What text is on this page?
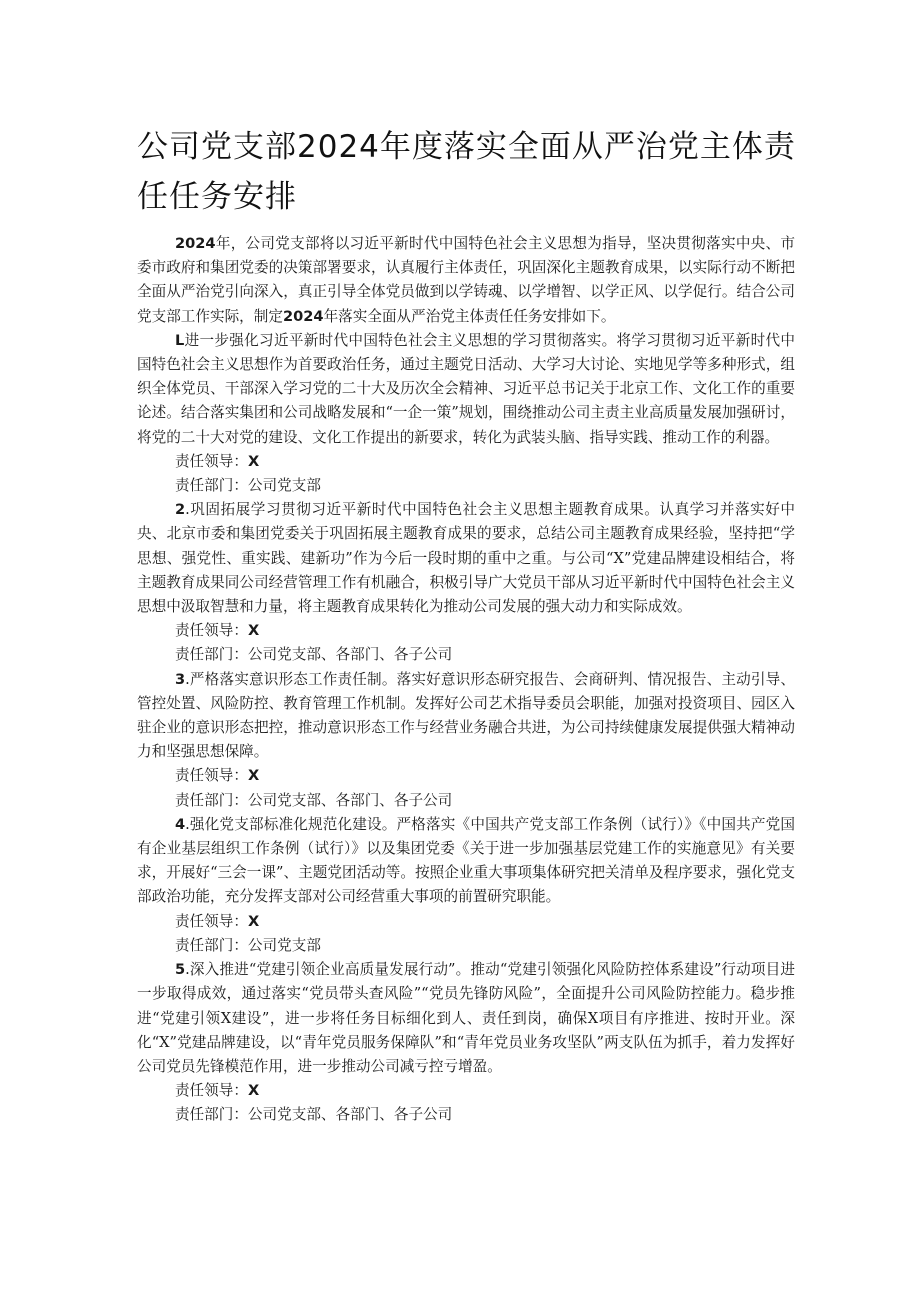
公司党支部2024年度落实全面从严治党主体责任任务安排

2024年，公司党支部将以习近平新时代中国特色社会主义思想为指导，坚决贯彻落实中央、市委市政府和集团党委的决策部署要求，认真履行主体责任，巩固深化主题教育成果，以实际行动不断把全面从严治党引向深入，真正引导全体党员做到以学铸魂、以学增智、以学正风、以学促行。结合公司党支部工作实际，制定2024年落实全面从严治党主体责任任务安排如下。

L进一步强化习近平新时代中国特色社会主义思想的学习贯彻落实。将学习贯彻习近平新时代中国特色社会主义思想作为首要政治任务，通过主题党日活动、大学习大讨论、实地见学等多种形式，组织全体党员、干部深入学习党的二十大及历次全会精神、习近平总书记关于北京工作、文化工作的重要论述。结合落实集团和公司战略发展和“一企一策”规划，围绕推动公司主责主业高质量发展加强研讨，将党的二十大对党的建设、文化工作提出的新要求，转化为武装头脑、指导实践、推动工作的利器。

责任领导：X

责任部门：公司党支部

2.巩固拓展学习贯彻习近平新时代中国特色社会主义思想主题教育成果。认真学习并落实好中央、北京市委和集团党委关于巩固拓展主题教育成果的要求，总结公司主题教育成果经验，坚持把“学思想、强党性、重实践、建新功”作为今后一段时期的重中之重。与公司“X”党建品牌建设相结合，将主题教育成果同公司经营管理工作有机融合，积极引导广大党员干部从习近平新时代中国特色社会主义思想中汲取智慧和力量，将主题教育成果转化为推动公司发展的强大动力和实际成效。

责任领导：X

责任部门：公司党支部、各部门、各子公司

3.严格落实意识形态工作责任制。落实好意识形态研究报告、会商研判、情况报告、主动引导、管控处置、风险防控、教育管理工作机制。发挥好公司艺术指导委员会职能，加强对投资项目、园区入驻企业的意识形态把控，推动意识形态工作与经营业务融合共进，为公司持续健康发展提供强大精神动力和坚强思想保障。

责任领导：X

责任部门：公司党支部、各部门、各子公司

4.强化党支部标准化规范化建设。严格落实《中国共产党支部工作条例（试行）》《中国共产党国有企业基层组织工作条例（试行）》以及集团党委《关于进一步加强基层党建工作的实施意见》有关要求，开展好“三会一课”、主题党团活动等。按照企业重大事项集体研究把关清单及程序要求，强化党支部政治功能，充分发挥支部对公司经营重大事项的前置研究职能。

责任领导：X

责任部门：公司党支部

5.深入推进“党建引领企业高质量发展行动”。推动“党建引领强化风险防控体系建设”行动项目进一步取得成效，通过落实“党员带头查风险”“党员先锋防风险”，全面提升公司风险防控能力。稳步推进“党建引领X建设”，进一步将任务目标细化到人、责任到岗，确保X项目有序推进、按时开业。深化“X”党建品牌建设，以“青年党员服务保障队”和“青年党员业务攻坚队”两支队伍为抓手，着力发挥好公司党员先锋模范作用，进一步推动公司减亏控亏增盈。

责任领导：X

责任部门：公司党支部、各部门、各子公司
